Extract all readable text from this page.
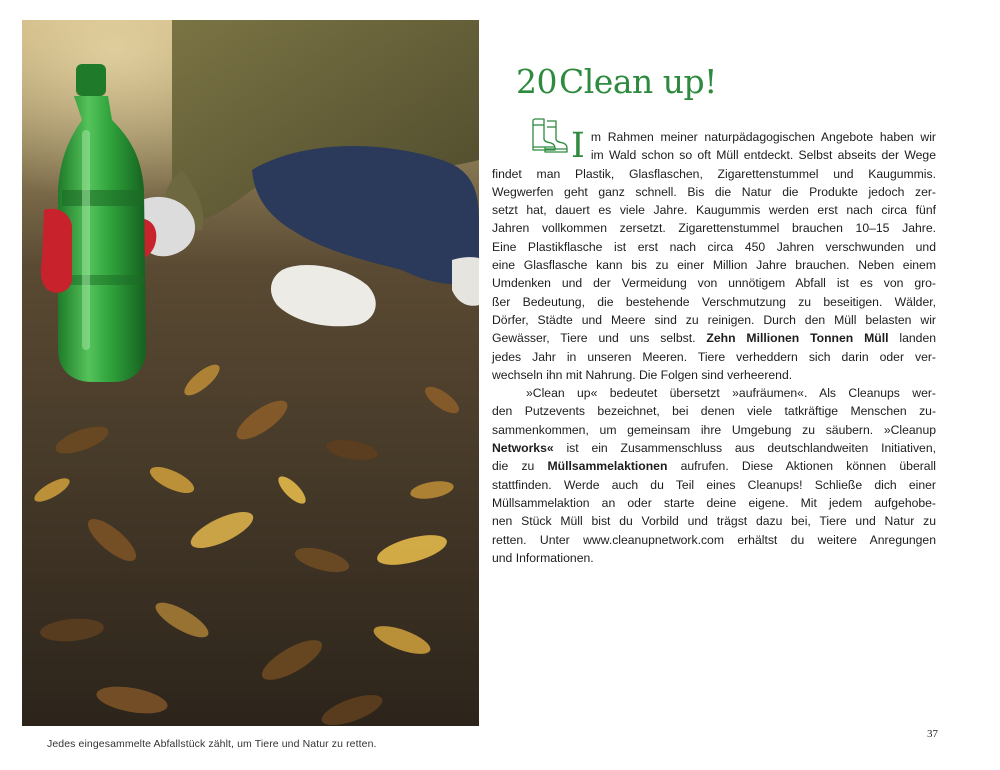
Jedes eingesammelte Abfallstück zählt, um Tiere und Natur zu retten.
20Clean up!

I m Rahmen meiner naturpädagogischen Angebote haben wir
im Wald schon so oft Müll entdeckt. Selbst abseits der Wege
findet man Plastik, Glasflaschen, Zigarettenstummel und Kaugummis.
Wegwerfen geht ganz schnell. Bis die Natur die Produkte jedoch zer-
setzt hat, dauert es viele Jahre. Kaugummis werden erst nach circa fünf
Jahren vollkommen zersetzt. Zigarettenstummel brauchen 10–15 Jahre.
Eine Plastikflasche ist erst nach circa 450 Jahren verschwunden und
eine Glasflasche kann bis zu einer Million Jahre brauchen. Neben einem
Umdenken und der Vermeidung von unnötigem Abfall ist es von gro-
ßer Bedeutung, die bestehende Verschmutzung zu beseitigen. Wälder,
Dörfer, Städte und Meere sind zu reinigen. Durch den Müll belasten wir
Gewässer, Tiere und uns selbst. Zehn Millionen Tonnen Müll landen
jedes Jahr in unseren Meeren. Tiere verheddern sich darin oder ver-
wechseln ihn mit Nahrung. Die Folgen sind verheerend.

»Clean up« bedeutet übersetzt »aufräumen«. Als Cleanups wer-
den Putzevents bezeichnet, bei denen viele tatkräftige Menschen zu-
sammenkommen, um gemeinsam ihre Umgebung zu säubern. »Cleanup
Networks« ist ein Zusammenschluss aus deutschlandweiten Initiativen,
die zu Müllsammelaktionen aufrufen. Diese Aktionen können überall
stattfinden. Werde auch du Teil eines Cleanups! Schließe dich einer
Müllsammelaktion an oder starte deine eigene. Mit jedem aufgehobe-
nen Stück Müll bist du Vorbild und trägst dazu bei, Tiere und Natur zu
retten. Unter www.cleanupnetwork.com erhältst du weitere Anregungen
und Informationen.

37
